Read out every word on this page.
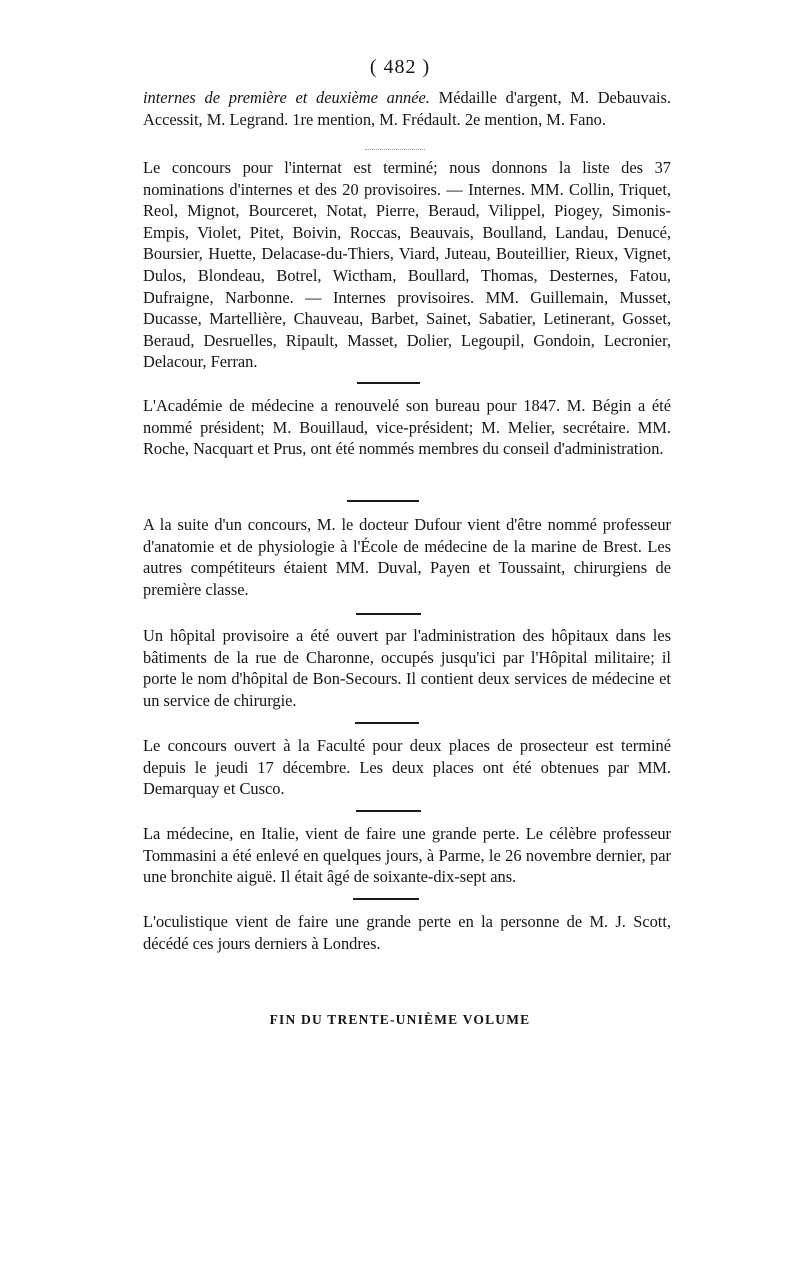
( 482 )

internes de première et deuxième année. Médaille d'argent, M. Debauvais. Accessit, M. Legrand. 1re mention, M. Frédault. 2e mention, M. Fano.

Le concours pour l'internat est terminé; nous donnons la liste des 37 nominations d'internes et des 20 provisoires. — Internes. MM. Collin, Triquet, Reol, Mignot, Bourceret, Notat, Pierre, Beraud, Vilippel, Piogey, Simonis-Empis, Violet, Pitet, Boivin, Roccas, Beauvais, Boulland, Landau, Denucé, Boursier, Huette, Delacase-du-Thiers, Viard, Juteau, Bouteillier, Rieux, Vignet, Dulos, Blondeau, Botrel, Wictham, Boullard, Thomas, Desternes, Fatou, Dufraigne, Narbonne. — Internes provisoires. MM. Guillemain, Musset, Ducasse, Martellière, Chauveau, Barbet, Sainet, Sabatier, Letinerant, Gosset, Beraud, Desruelles, Ripault, Masset, Dolier, Legoupil, Gondoin, Lecronier, Delacour, Ferran.

L'Académie de médecine a renouvelé son bureau pour 1847. M. Bégin a été nommé président; M. Bouillaud, vice-président; M. Melier, secrétaire. MM. Roche, Nacquart et Prus, ont été nommés membres du conseil d'administration.

A la suite d'un concours, M. le docteur Dufour vient d'être nommé professeur d'anatomie et de physiologie à l'École de médecine de la marine de Brest. Les autres compétiteurs étaient MM. Duval, Payen et Toussaint, chirurgiens de première classe.

Un hôpital provisoire a été ouvert par l'administration des hôpitaux dans les bâtiments de la rue de Charonne, occupés jusqu'ici par l'Hôpital militaire; il porte le nom d'hôpital de Bon-Secours. Il contient deux services de médecine et un service de chirurgie.

Le concours ouvert à la Faculté pour deux places de prosecteur est terminé depuis le jeudi 17 décembre. Les deux places ont été obtenues par MM. Demarquay et Cusco.

La médecine, en Italie, vient de faire une grande perte. Le célèbre professeur Tommasini a été enlevé en quelques jours, à Parme, le 26 novembre dernier, par une bronchite aiguë. Il était âgé de soixante-dix-sept ans.

L'oculistique vient de faire une grande perte en la personne de M. J. Scott, décédé ces jours derniers à Londres.

FIN DU TRENTE-UNIÈME VOLUME
